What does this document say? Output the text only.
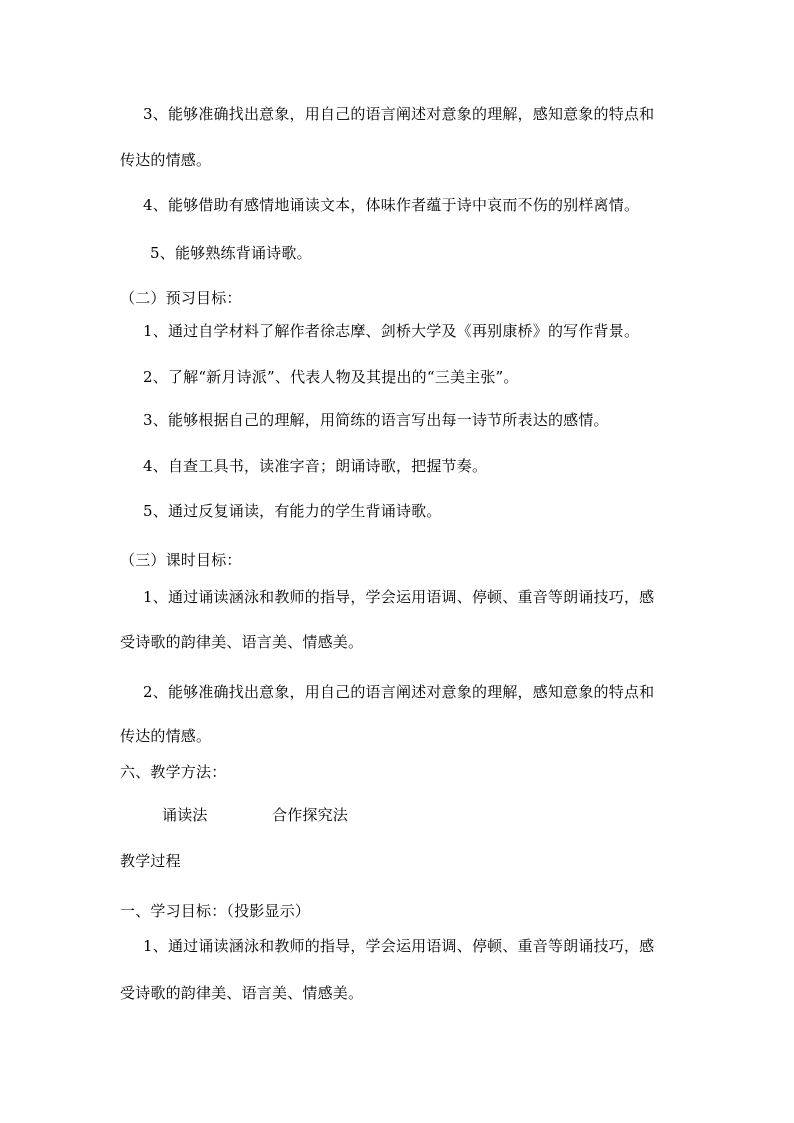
3、能够准确找出意象，用自己的语言阐述对意象的理解，感知意象的特点和
传达的情感。
4、能够借助有感情地诵读文本，体味作者蕴于诗中哀而不伤的别样离情。
5、能够熟练背诵诗歌。
（二）预习目标：
1、通过自学材料了解作者徐志摩、剑桥大学及《再别康桥》的写作背景。
2、了解“新月诗派”、代表人物及其提出的“三美主张”。
3、能够根据自己的理解，用简练的语言写出每一诗节所表达的感情。
4、自查工具书，读准字音；朗诵诗歌，把握节奏。
5、通过反复诵读，有能力的学生背诵诗歌。
（三）课时目标：
1、通过诵读涵泳和教师的指导，学会运用语调、停顿、重音等朗诵技巧，感
受诗歌的韵律美、语言美、情感美。
2、能够准确找出意象，用自己的语言阐述对意象的理解，感知意象的特点和
传达的情感。
六、教学方法：
诵读法	合作探究法
教学过程
一、学习目标：（投影显示）
1、通过诵读涵泳和教师的指导，学会运用语调、停顿、重音等朗诵技巧，感
受诗歌的韵律美、语言美、情感美。
